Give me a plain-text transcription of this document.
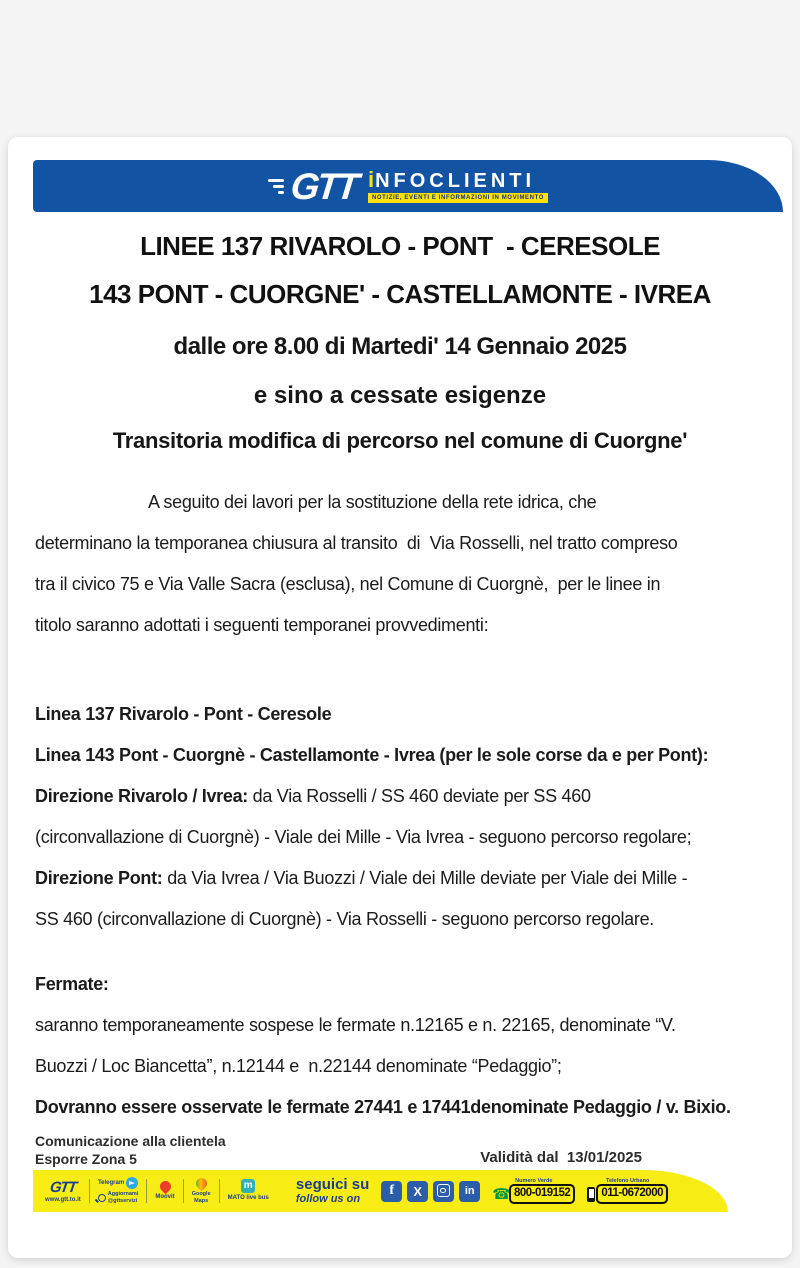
GTT i NFOCLIENTI
NOTIZIE, EVENTI E INFORMAZIONI IN MOVIMENTO
LINEE 137 RIVAROLO - PONT  - CERESOLE
143 PONT - CUORGNE' - CASTELLAMONTE - IVREA
dalle ore 8.00 di Martedi' 14 Gennaio 2025
e sino a cessate esigenze
Transitoria modifica di percorso nel comune di Cuorgne'
A seguito dei lavori per la sostituzione della rete idrica, che
determinano la temporanea chiusura al transito  di  Via Rosselli, nel tratto compreso
tra il civico 75 e Via Valle Sacra (esclusa), nel Comune di Cuorgnè,  per le linee in
titolo saranno adottati i seguenti temporanei provvedimenti:
Linea 137 Rivarolo - Pont - Ceresole
Linea 143 Pont - Cuorgnè - Castellamonte - Ivrea (per le sole corse da e per Pont):
Direzione Rivarolo / Ivrea: da Via Rosselli / SS 460 deviate per SS 460
(circonvallazione di Cuorgnè) - Viale dei Mille - Via Ivrea - seguono percorso regolare;
Direzione Pont: da Via Ivrea / Via Buozzi / Viale dei Mille deviate per Viale dei Mille -
SS 460 (circonvallazione di Cuorgnè) - Via Rosselli - seguono percorso regolare.
Fermate:
saranno temporaneamente sospese le fermate n.12165 e n. 22165, denominate “V.
Buozzi / Loc Biancetta”, n.12144 e  n.22144 denominate “Pedaggio”;
Dovranno essere osservate le fermate 27441 e 17441denominate Pedaggio / v. Bixio.
Comunicazione alla clientela
Esporre Zona 5	Validità dal  13/01/2025
GTT
www.gtt.to.it
Telegram
Aggiornami
@gttservizi
Moovit	Google
Maps
m
MATO live bus
seguici su
follow us on
f	X	in
Numero Verde
☎ 800-019152
Telefono Urbano
011-0672000
